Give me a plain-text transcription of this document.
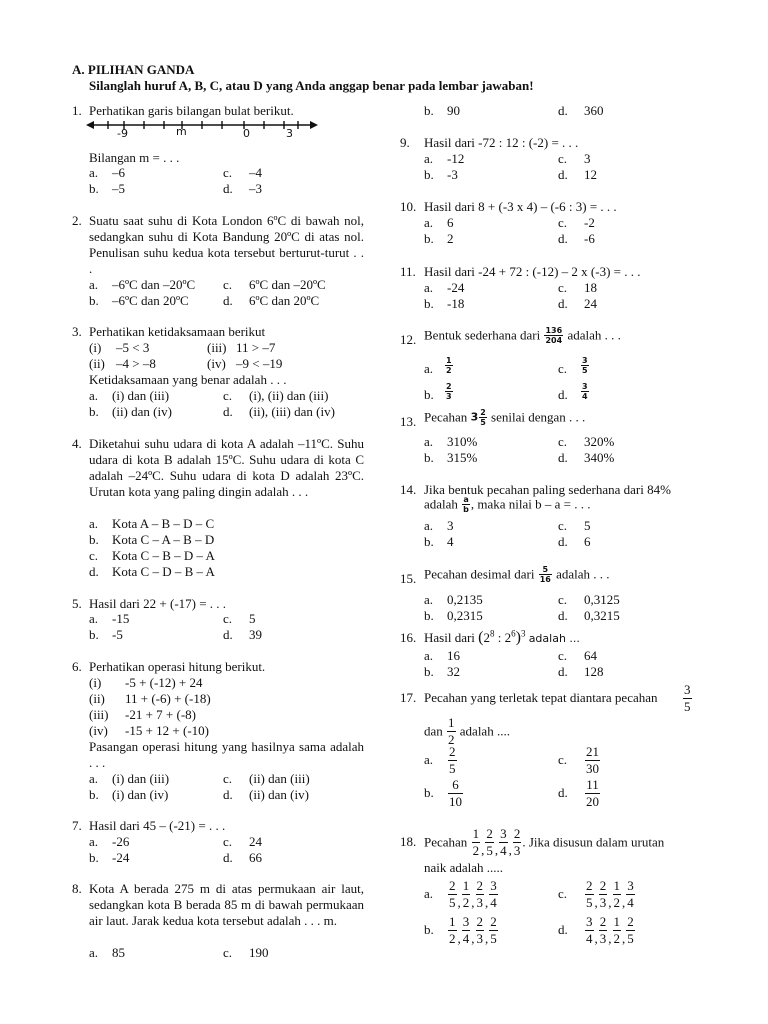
A. PILIHAN GANDA
Silanglah huruf A, B, C, atau D yang Anda anggap benar pada lembar jawaban!
1. Perhatikan garis bilangan bulat berikut.
-9	m	0	3
Bilangan m = . . .
a. –6	c. –4
b. –5	d. –3
2. Suatu saat suhu di Kota London 6ºC di bawah nol, sedangkan suhu di Kota Bandung 20ºC di atas nol. Penulisan suhu kedua kota tersebut berturut-turut . . .
a. –6ºC dan –20ºC c. 6ºC dan –20ºC
b. –6ºC dan 20ºC	d. 6ºC dan 20ºC
3. Perhatikan ketidaksamaan berikut
(i) –5 < 3	(iii) 11 > –7
(ii) –4 > –8	(iv) –9 < –19
Ketidaksamaan yang benar adalah . . .
a. (i) dan (iii)	c. (i), (ii) dan (iii)
b. (ii) dan (iv)	d. (ii), (iii) dan (iv)
4. Diketahui suhu udara di kota A adalah –11ºC. Suhu udara di kota B adalah 15ºC. Suhu udara di kota C adalah –24ºC. Suhu udara di kota D adalah 23ºC. Urutan kota yang paling dingin adalah . . .
a. Kota A – B – D – C
b. Kota C – A – B – D
c. Kota C – B – D – A
d. Kota C – D – B – A
5. Hasil dari 22 + (-17) = . . .
a. -15	c. 5
b. -5	d. 39
6. Perhatikan operasi hitung berikut.
(i) -5 + (-12) + 24
(ii) 11 + (-6) + (-18)
(iii) -21 + 7 + (-8)
(iv) -15 + 12 + (-10)
Pasangan operasi hitung yang hasilnya sama adalah . . .
a. (i) dan (iii)	c. (ii) dan (iii)
b. (i) dan (iv)	d. (ii) dan (iv)
7. Hasil dari 45 – (-21) = . . .
a. -26	c. 24
b. -24	d. 66
8. Kota A berada 275 m di atas permukaan air laut, sedangkan kota B berada 85 m di bawah permukaan air laut. Jarak kedua kota tersebut adalah . . . m.
a. 85	c. 190
b. 90	d. 360
9. Hasil dari -72 : 12 : (-2) = . . .
a. -12	c. 3
b. -3	d. 12
10. Hasil dari 8 + (-3 x 4) – (-6 : 3) = . . .
a. 6	c. -2
b. 2	d. -6
11. Hasil dari -24 + 72 : (-12) – 2 x (-3) = . . .
a. -24	c. 18
b. -18	d. 24
12. Bentuk sederhana dari $\frac{136}{204}$ adalah . . .
a. $\frac{1}{2}$	c. $\frac{3}{5}$
b. $\frac{2}{3}$	d. $\frac{3}{4}$
13. Pecahan $3 \frac{2}{5}$ senilai dengan . . .
a. 310%	c. 320%
b. 315%	d. 340%
14. Jika bentuk pecahan paling sederhana dari 84%
adalah $\frac{a}{b}$ , maka nilai b – a = . . .
a. 3	c. 5
b. 4	d. 6
15. Pecahan desimal dari $\frac{5}{16}$ adalah . . .
a. 0,2135	c. 0,3125
b. 0,2315	d. 0,3215
16. Hasil dari ($2^8$ : $2^6)^3$ adalah ...
a. 16	c. 64
b. 32	d. 128
17. Pecahan yang terletak tepat diantara pecahan $\frac{3}{5}$
dan $\frac{1}{2}$ adalah ....
a. $\frac{2}{5}$	c. $\frac{21}{30}$
b. $\frac{6}{10}$	d. $\frac{11}{20}$
18. Pecahan $\frac{1}{2}$ , $\frac{2}{5}$ , $\frac{3}{4}$ , $\frac{2}{3}$ . Jika disusun dalam urutan
naik adalah .....
a. $\frac{2}{5}$ , $\frac{1}{2}$ , $\frac{2}{3}$ , $\frac{3}{4}$	c. $\frac{2}{5}$ , $\frac{2}{3}$ , $\frac{1}{2}$ , $\frac{3}{4}$
b. $\frac{1}{2}$ , $\frac{3}{4}$ , $\frac{2}{3}$ , $\frac{2}{5}$	d. $\frac{3}{4}$ , $\frac{2}{3}$ , $\frac{1}{2}$ , $\frac{2}{5}$
